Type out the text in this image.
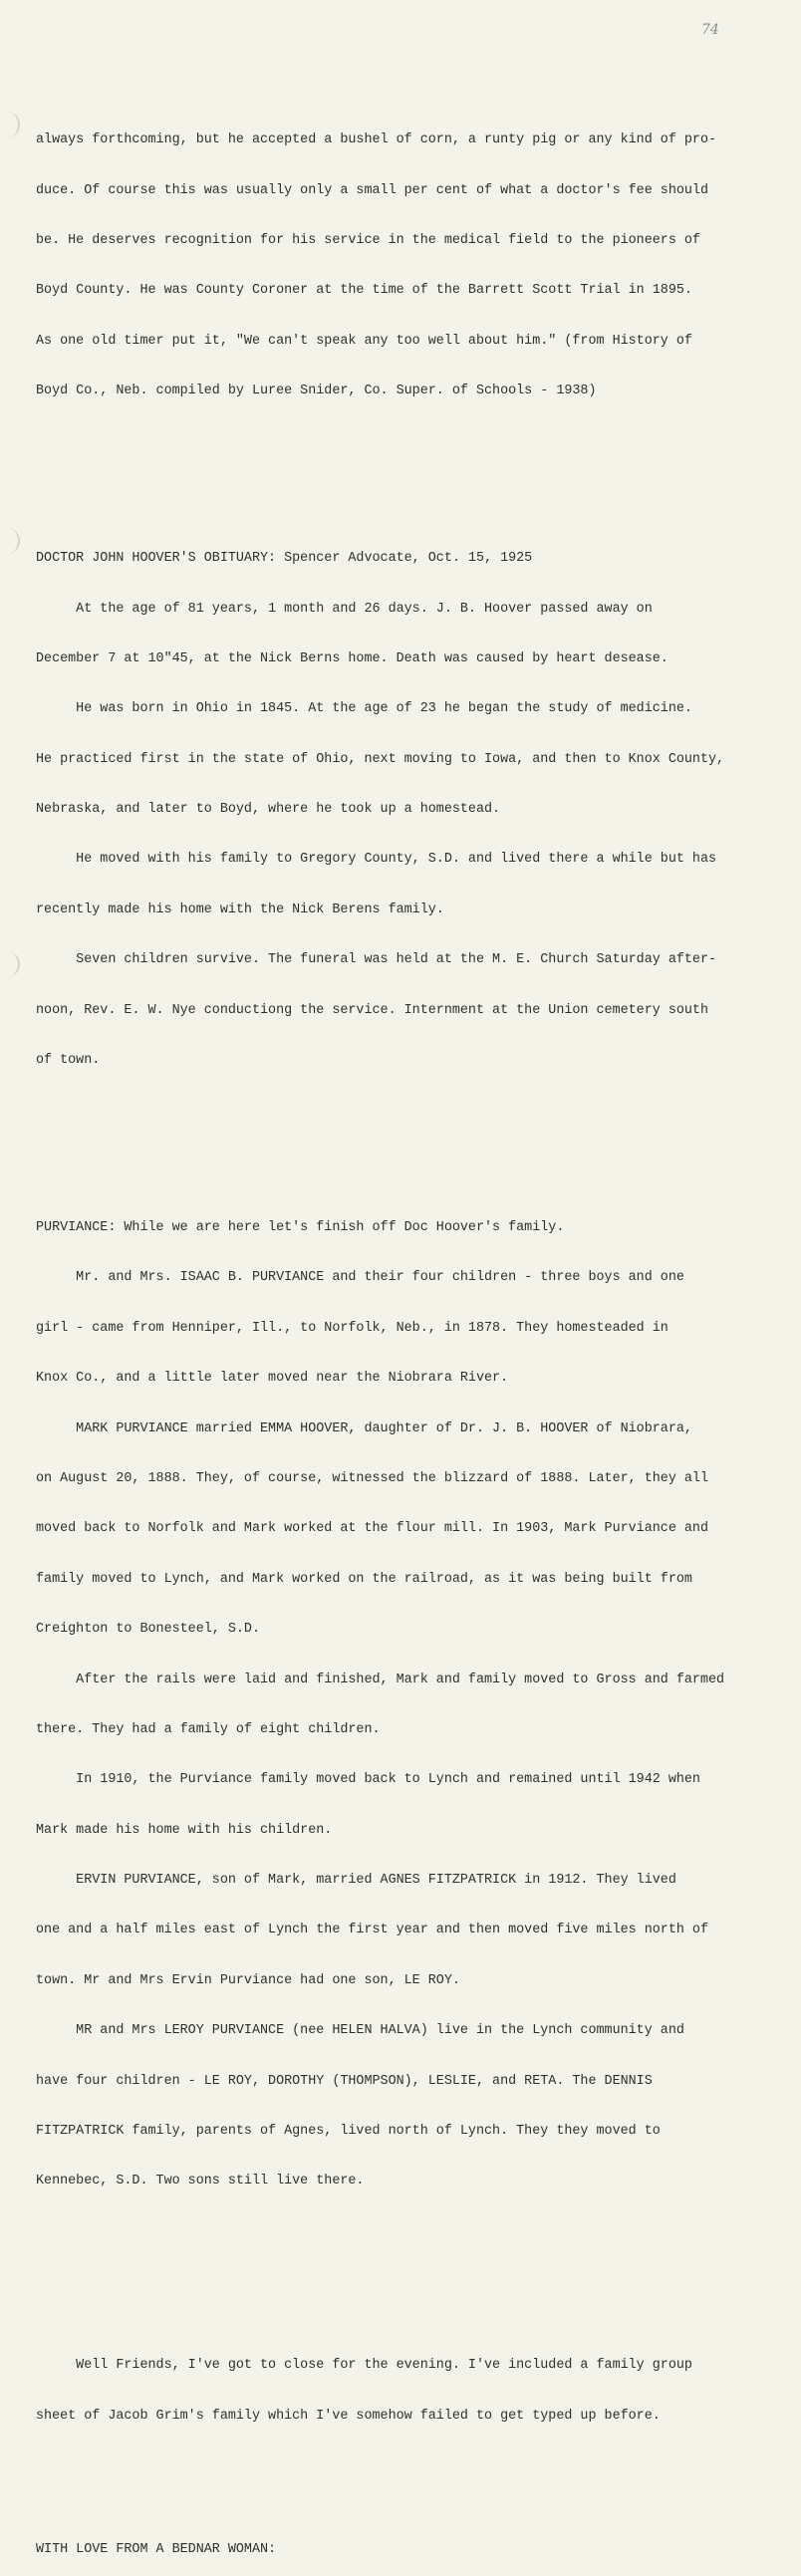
74

always forthcoming, but he accepted a bushel of corn, a runty pig or any kind of pro-

duce. Of course this was usually only a small per cent of what a doctor's fee should

be. He deserves recognition for his service in the medical field to the pioneers of

Boyd County. He was County Coroner at the time of the Barrett Scott Trial in 1895.

As one old timer put it, "We can't speak any too well about him." (from History of

Boyd Co., Neb. compiled by Luree Snider, Co. Super. of Schools - 1938)

DOCTOR JOHN HOOVER'S OBITUARY: Spencer Advocate, Oct. 15, 1925

At the age of 81 years, 1 month and 26 days. J. B. Hoover passed away on

December 7 at 10"45, at the Nick Berns home. Death was caused by heart desease.

He was born in Ohio in 1845. At the age of 23 he began the study of medicine.

He practiced first in the state of Ohio, next moving to Iowa, and then to Knox County,

Nebraska, and later to Boyd, where he took up a homestead.

He moved with his family to Gregory County, S.D. and lived there a while but has

recently made his home with the Nick Berens family.

Seven children survive. The funeral was held at the M. E. Church Saturday after-

noon, Rev. E. W. Nye conductiong the service. Internment at the Union cemetery south

of town.

PURVIANCE: While we are here let's finish off Doc Hoover's family.

Mr. and Mrs. ISAAC B. PURVIANCE and their four children - three boys and one

girl - came from Henniper, Ill., to Norfolk, Neb., in 1878. They homesteaded in

Knox Co., and a little later moved near the Niobrara River.

MARK PURVIANCE married EMMA HOOVER, daughter of Dr. J. B. HOOVER of Niobrara,

on August 20, 1888. They, of course, witnessed the blizzard of 1888. Later, they all

moved back to Norfolk and Mark worked at the flour mill. In 1903, Mark Purviance and

family moved to Lynch, and Mark worked on the railroad, as it was being built from

Creighton to Bonesteel, S.D.

After the rails were laid and finished, Mark and family moved to Gross and farmed

there. They had a family of eight children.

In 1910, the Purviance family moved back to Lynch and remained until 1942 when

Mark made his home with his children.

ERVIN PURVIANCE, son of Mark, married AGNES FITZPATRICK in 1912. They lived

one and a half miles east of Lynch the first year and then moved five miles north of

town. Mr and Mrs Ervin Purviance had one son, LE ROY.

MR and Mrs LEROY PURVIANCE (nee HELEN HALVA) live in the Lynch community and

have four children - LE ROY, DOROTHY (THOMPSON), LESLIE, and RETA. The DENNIS

FITZPATRICK family, parents of Agnes, lived north of Lynch. They they moved to

Kennebec, S.D. Two sons still live there.

Well Friends, I've got to close for the evening. I've included a family group

sheet of Jacob Grim's family which I've somehow failed to get typed up before.

WITH LOVE FROM A BEDNAR WOMAN:
